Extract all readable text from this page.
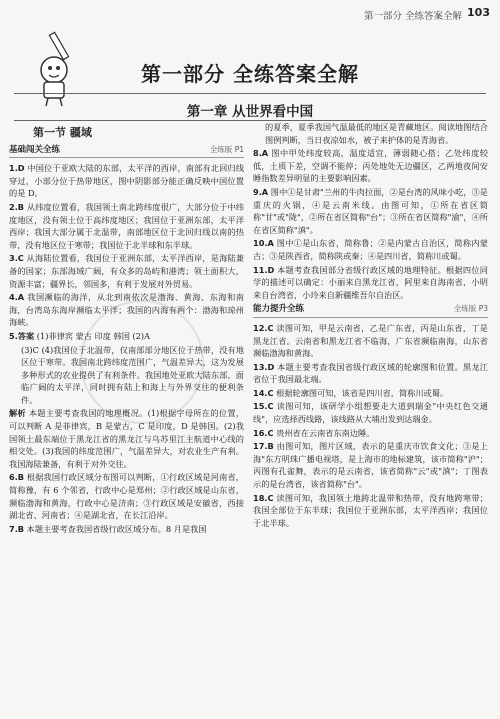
第一部分 全练答案全解 103
第一部分 全练答案全解
第一章 从世界看中国

第一节 疆域

基础闯关全练	全练版 P1

1.D 中国位于亚欧大陆的东部，太平洋的西岸，南部有北回归线穿过，小部分位于热带地区，图中阴影部分能正确反映中国位置的是 D。

2.B 从纬度位置看，我国领土南北跨纬度很广，大部分位于中纬度地区，没有领土位于高纬度地区；我国位于亚洲东部，太平洋西岸；我国大部分属于北温带，南部地区位于北回归线以南的热带，没有地区位于寒带；我国位于北半球和东半球。

3.C 从海陆位置看，我国位于亚洲东部，太平洋西岸，是海陆兼备的国家；东部海域广阔，有众多的岛屿和港湾；领土面积大，资源丰富；疆界长，邻国多，有利于发展对外贸易。

4.A 我国濒临的海洋，从北到南依次是渤海、黄海、东海和南海，台湾岛东海岸濒临太平洋；我国的内海有两个：渤海和琼州海峡。

5.答案 (1)菲律宾 蒙古 印度 韩国 (2)A

(3)C (4)我国位于北温带，仅南部部分地区位于热带，没有地区位于寒带。我国南北跨纬度范围广，气温差异大，这为发展多种形式的农业提供了有利条件。我国地处亚欧大陆东部，面临广阔的太平洋，同时拥有陆上和海上与外界交往的便利条件。

解析 本题主要考查我国的地理概况。(1)根据字母所在的位置，可以判断 A 是菲律宾，B 是蒙古，C 是印度，D 是韩国。(2)我国领土最东端位于黑龙江省的黑龙江与乌苏里江主航道中心线的相交处。(3)我国的纬度范围广，气温差异大，对农业生产有利。我国海陆兼备，有利于对外交往。

6.B 根据我国行政区域分布图可以判断，①行政区域是河南省，简称豫，有 6 个邻省，行政中心是郑州；②行政区域是山东省，濒临渤海和黄海，行政中心是济南；③行政区域是安徽省，西接湖北省、河南省；④是湖北省，在长江沿岸。

7.B 本题主要考查我国省级行政区域分布。8 月是我国

的夏季，夏季我国气温最低的地区是青藏地区。阅读地图结合图例判断，当日夜凉如水，被子来护体的是青海省。

8.A 图中甲处纬度较高，温度适宜，薄弱随心搭；乙处纬度较低，土质下差，空调不能停；丙处地处无边疆区，乙两地夜间安睡指数差异明显的主要影响因素。

9.A 图中①是甘肃"兰州的牛肉拉面，②是台湾的风味小吃，③是重庆的火锅，④是云南米线。由图可知，①所在省区简称"甘"或"陇"，②所在省区简称"台"；③所在省区简称"渝"，④所在省区简称"滇"。

10.A 图中①是山东省，简称鲁；②是内蒙古自治区，简称内蒙古；③是陕西省，简称陕或秦；④是四川省，简称川或蜀。

11.D 本题考查我国部分省级行政区域的地理特征。根据四位同学的描述可以确定：小丽来自黑龙江省，阿里来自海南省，小明来自台湾省，小玲来自新疆维吾尔自治区。

能力提升全练	全练版 P3

12.C 读图可知，甲是云南省，乙是广东省，丙是山东省，丁是黑龙江省。云南省和黑龙江省不临海，广东省濒临南海，山东省濒临渤海和黄海。

13.D 本题主要考查我国省级行政区域的轮廓图和位置。黑龙江省位于我国最北端。

14.C 根据轮廓图可知，该省是四川省，简称川或蜀。

15.C 读图可知，该研学小组想要走大道到瑞金"中央红色交通线"，应选择西线路，该线路从大埔出发到达瑞金。

16.C 贵州省在云南省东南边陲。

17.B 由图可知，图片区域，表示的是重庆市饮食文化；③是上海"东方明珠广播电视塔，是上海市的地标建筑，该市简称"沪"；丙图有孔雀舞，表示的是云南省，该省简称"云"或"滇"；丁图表示的是台湾省，该省简称"台"。

18.C 读图可知，我国领土地跨北温带和热带，没有地跨寒带；我国全部位于东半球；我国位于亚洲东部，太平洋西岸；我国位于北半球。
